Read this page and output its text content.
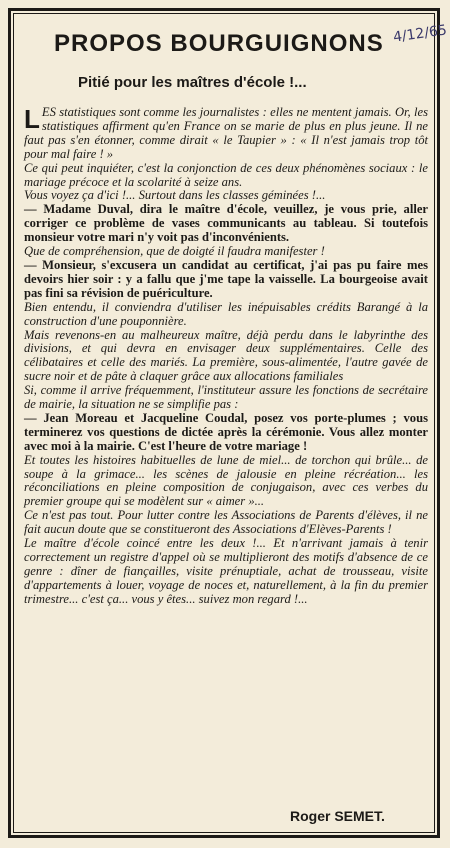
PROPOS BOURGUIGNONS 4/12/65
Pitié pour les maîtres d'école !...

LES statistiques sont comme les journalistes : elles ne mentent jamais. Or, les statistiques affirment qu'en France on se marie de plus en plus jeune. Il ne faut pas s'en étonner, comme dirait « le Taupier » : « Il n'est jamais trop tôt pour mal faire ! »

Ce qui peut inquiéter, c'est la conjonction de ces deux phénomènes sociaux : le mariage précoce et la scolarité à seize ans.

Vous voyez ça d'ici !... Surtout dans les classes géminées !...

— Madame Duval, dira le maître d'école, veuillez, je vous prie, aller corriger ce problème de vases communicants au tableau. Si toutefois monsieur votre mari n'y voit pas d'inconvénients.

Que de compréhension, que de doigté il faudra manifester !

— Monsieur, s'excusera un candidat au certificat, j'ai pas pu faire mes devoirs hier soir : y a fallu que j'me tape la vaisselle. La bourgeoise avait pas fini sa révision de puériculture.

Bien entendu, il conviendra d'utiliser les inépuisables crédits Barangé à la construction d'une pouponnière.

Mais revenons-en au malheureux maître, déjà perdu dans le labyrinthe des divisions, et qui devra en envisager deux supplémentaires. Celle des célibataires et celle des mariés. La première, sous-alimentée, l'autre gavée de sucre noir et de pâte à claquer grâce aux allocations familiales

Si, comme il arrive fréquemment, l'instituteur assure les fonctions de secrétaire de mairie, la situation ne se simplifie pas :

— Jean Moreau et Jacqueline Coudal, posez vos porte-plumes ; vous terminerez vos questions de dictée après la cérémonie. Vous allez monter avec moi à la mairie. C'est l'heure de votre mariage !

Et toutes les histoires habituelles de lune de miel... de torchon qui brûle... de soupe à la grimace... les scènes de jalousie en pleine récréation... les réconciliations en pleine composition de conjugaison, avec ces verbes du premier groupe qui se modèlent sur « aimer »...

Ce n'est pas tout. Pour lutter contre les Associations de Parents d'élèves, il ne fait aucun doute que se constitueront des Associations d'Elèves-Parents !

Le maître d'école coincé entre les deux !... Et n'arrivant jamais à tenir correctement un registre d'appel où se multiplieront des motifs d'absence de ce genre : dîner de fiançailles, visite prénuptiale, achat de trousseau, visite d'appartements à louer, voyage de noces et, naturellement, à la fin du premier trimestre... c'est ça... vous y êtes... suivez mon regard !...

Roger SEMET.
